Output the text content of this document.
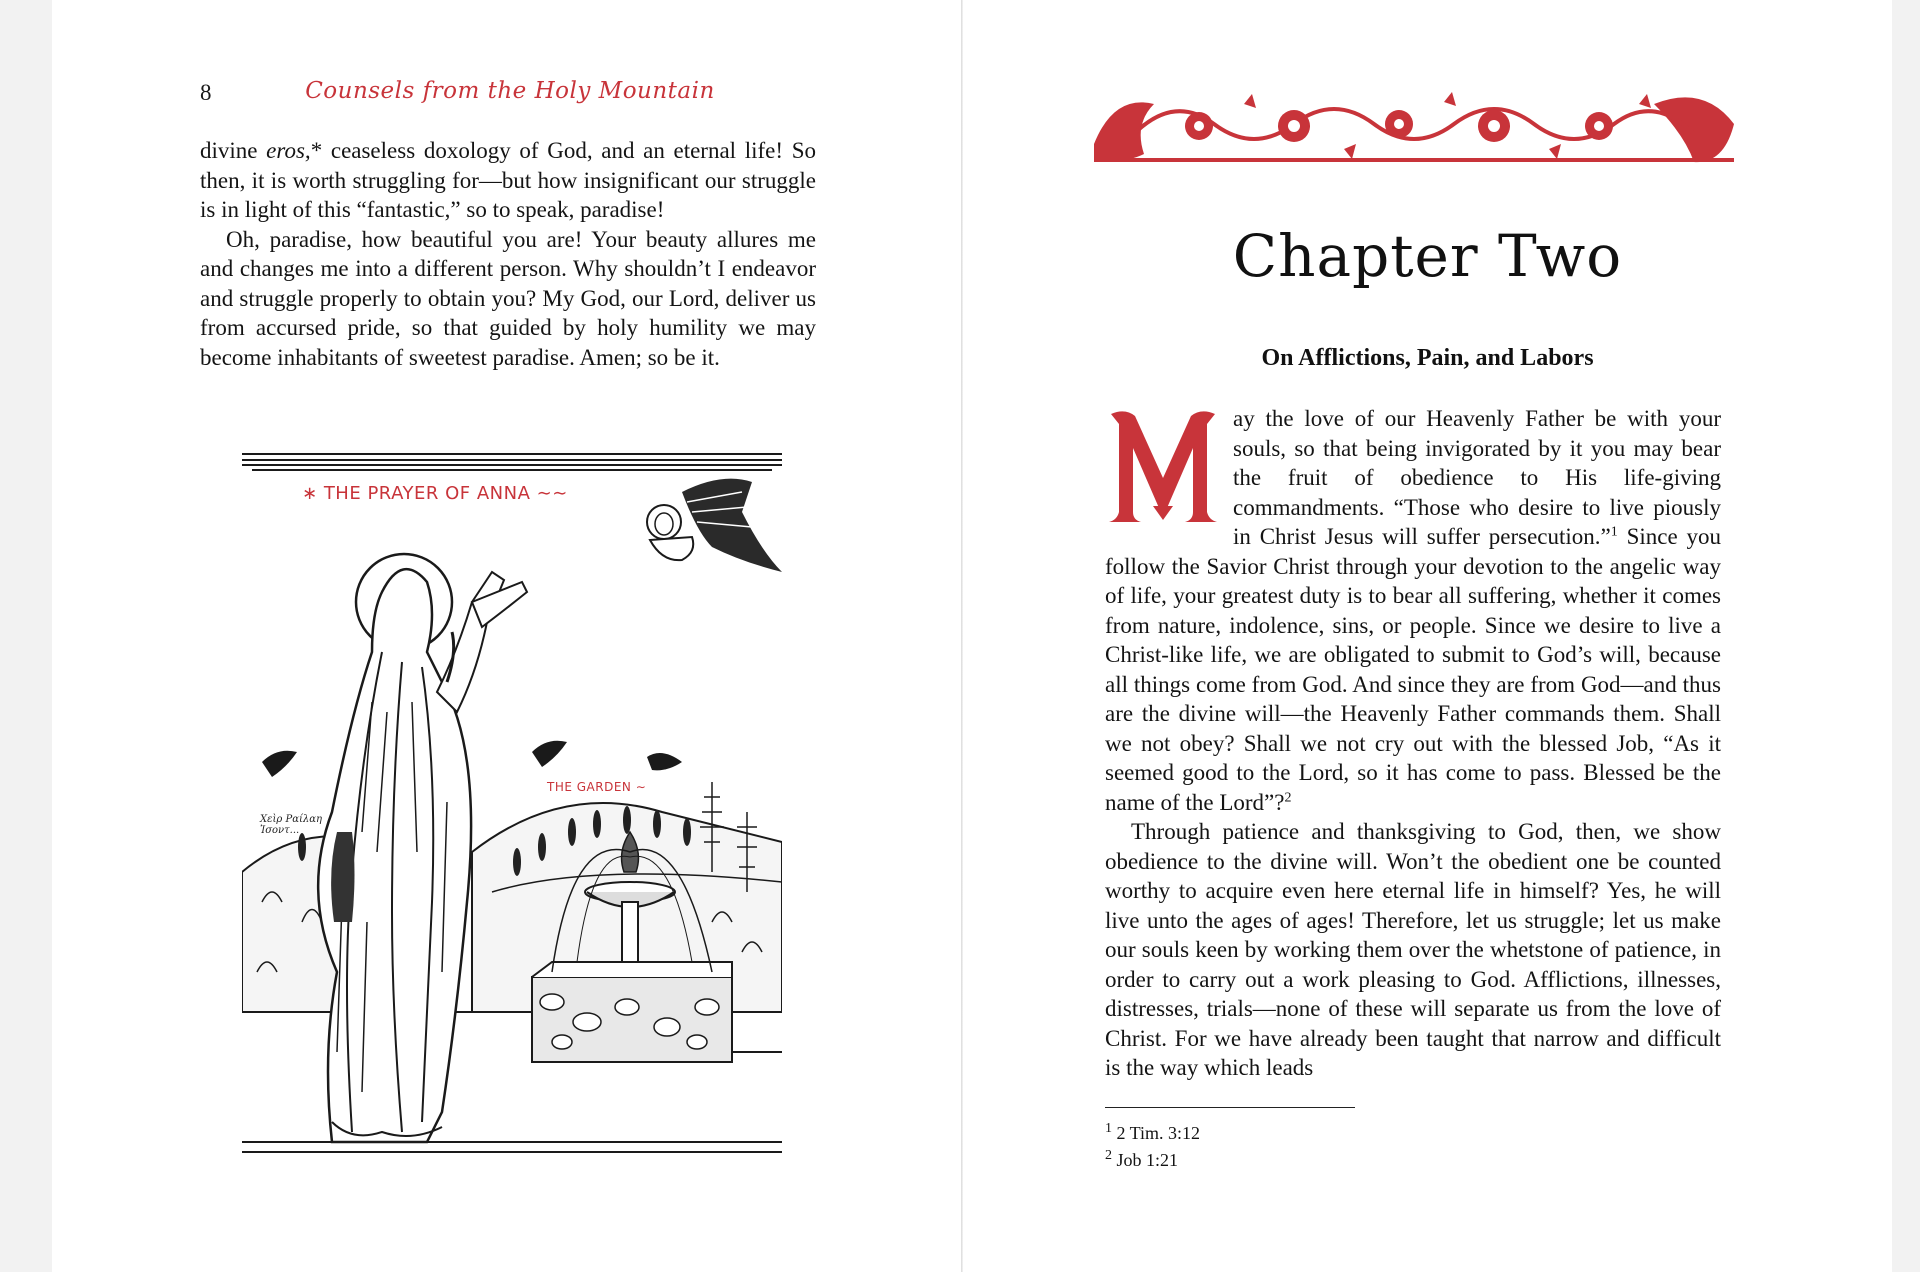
8	Counsels from the Holy Mountain

divine eros,* ceaseless doxology of God, and an eternal life! So then, it is worth struggling for—but how insignificant our struggle is in light of this “fantastic,” so to speak, paradise!

Oh, paradise, how beautiful you are! Your beauty allures me and changes me into a different person. Why shouldn’t I endeavor and struggle properly to obtain you? My God, our Lord, deliver us from accursed pride, so that guided by holy humility we may become inhabitants of sweetest paradise. Amen; so be it.

∗ THE PRAYER OF ANNA ∼∼
THE GARDEN ∼
Χεὶρ Ραίλαη Ἰσοντ...
Chapter Two
On Afflictions, Pain, and Labors

ay the love of our Heavenly Father be with your souls, so that being invigorated by it you may bear the fruit of obedience to His life-giving commandments. “Those who desire to live piously in Christ Jesus will suffer persecution.”$^1$ Since you follow the Savior Christ through your devotion to the angelic way of life, your greatest duty is to bear all suffering, whether it comes from nature, indolence, sins, or people. Since we desire to live a Christ-like life, we are obligated to submit to God’s will, because all things come from God. And since they are from God—and thus are the divine will—the Heavenly Father commands them. Shall we not obey? Shall we not cry out with the blessed Job, “As it seemed good to the Lord, so it has come to pass. Blessed be the name of the Lord”?$^2$

Through patience and thanksgiving to God, then, we show obedience to the divine will. Won’t the obedient one be counted worthy to acquire even here eternal life in himself? Yes, he will live unto the ages of ages! Therefore, let us struggle; let us make our souls keen by working them over the whetstone of patience, in order to carry out a work pleasing to God. Afflictions, illnesses, distresses, trials—none of these will separate us from the love of Christ. For we have already been taught that narrow and difficult is the way which leads

$^1$ 2 Tim. 3:12
$^2$ Job 1:21
